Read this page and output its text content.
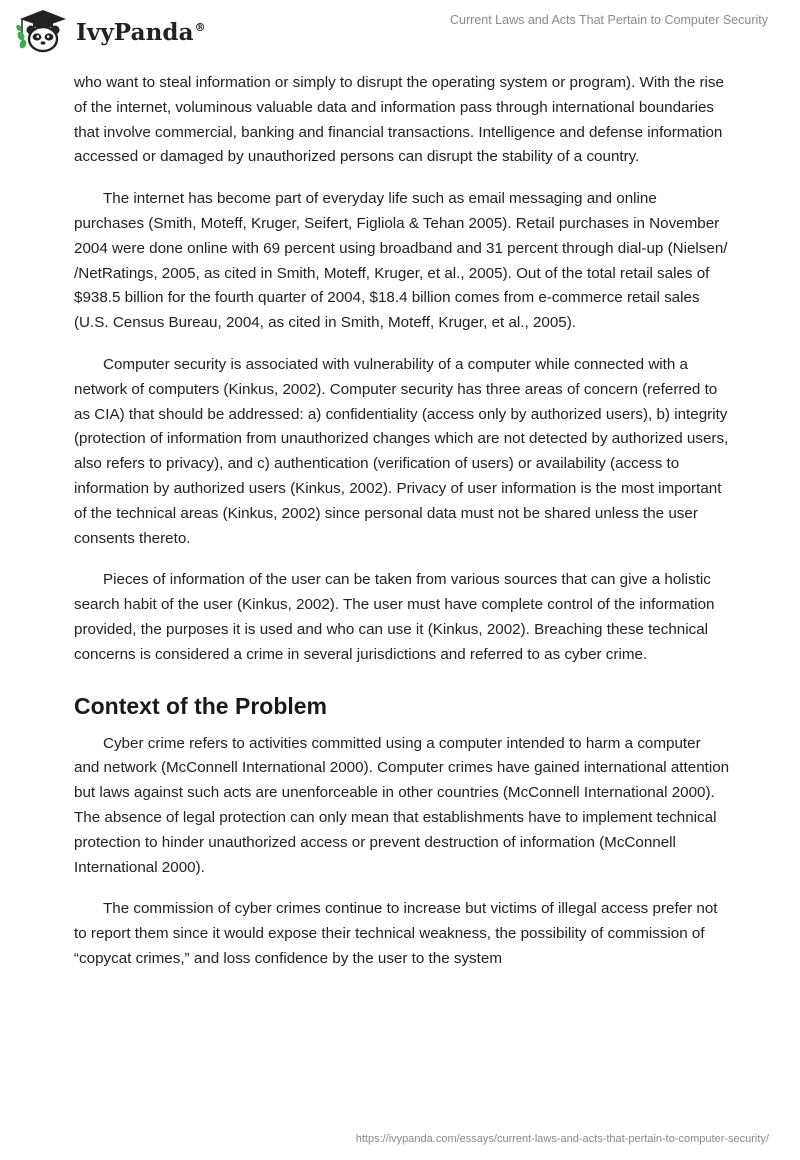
IvyPanda®
Current Laws and Acts That Pertain to Computer Security

who want to steal information or simply to disrupt the operating system or program). With the rise of the internet, voluminous valuable data and information pass through international boundaries that involve commercial, banking and financial transactions. Intelligence and defense information accessed or damaged by unauthorized persons can disrupt the stability of a country.

The internet has become part of everyday life such as email messaging and online purchases (Smith, Moteff, Kruger, Seifert, Figliola & Tehan 2005). Retail purchases in November 2004 were done online with 69 percent using broadband and 31 percent through dial-up (Nielsen/ /NetRatings, 2005, as cited in Smith, Moteff, Kruger, et al., 2005). Out of the total retail sales of $938.5 billion for the fourth quarter of 2004, $18.4 billion comes from e-commerce retail sales (U.S. Census Bureau, 2004, as cited in Smith, Moteff, Kruger, et al., 2005).

Computer security is associated with vulnerability of a computer while connected with a network of computers (Kinkus, 2002). Computer security has three areas of concern (referred to as CIA) that should be addressed: a) confidentiality (access only by authorized users), b) integrity (protection of information from unauthorized changes which are not detected by authorized users, also refers to privacy), and c) authentication (verification of users) or availability (access to information by authorized users (Kinkus, 2002). Privacy of user information is the most important of the technical areas (Kinkus, 2002) since personal data must not be shared unless the user consents thereto.

Pieces of information of the user can be taken from various sources that can give a holistic search habit of the user (Kinkus, 2002). The user must have complete control of the information provided, the purposes it is used and who can use it (Kinkus, 2002). Breaching these technical concerns is considered a crime in several jurisdictions and referred to as cyber crime.

Context of the Problem

Cyber crime refers to activities committed using a computer intended to harm a computer and network (McConnell International 2000). Computer crimes have gained international attention but laws against such acts are unenforceable in other countries (McConnell International 2000). The absence of legal protection can only mean that establishments have to implement technical protection to hinder unauthorized access or prevent destruction of information (McConnell International 2000).

The commission of cyber crimes continue to increase but victims of illegal access prefer not to report them since it would expose their technical weakness, the possibility of commission of “copycat crimes,” and loss confidence by the user to the system

https://ivypanda.com/essays/current-laws-and-acts-that-pertain-to-computer-security/
